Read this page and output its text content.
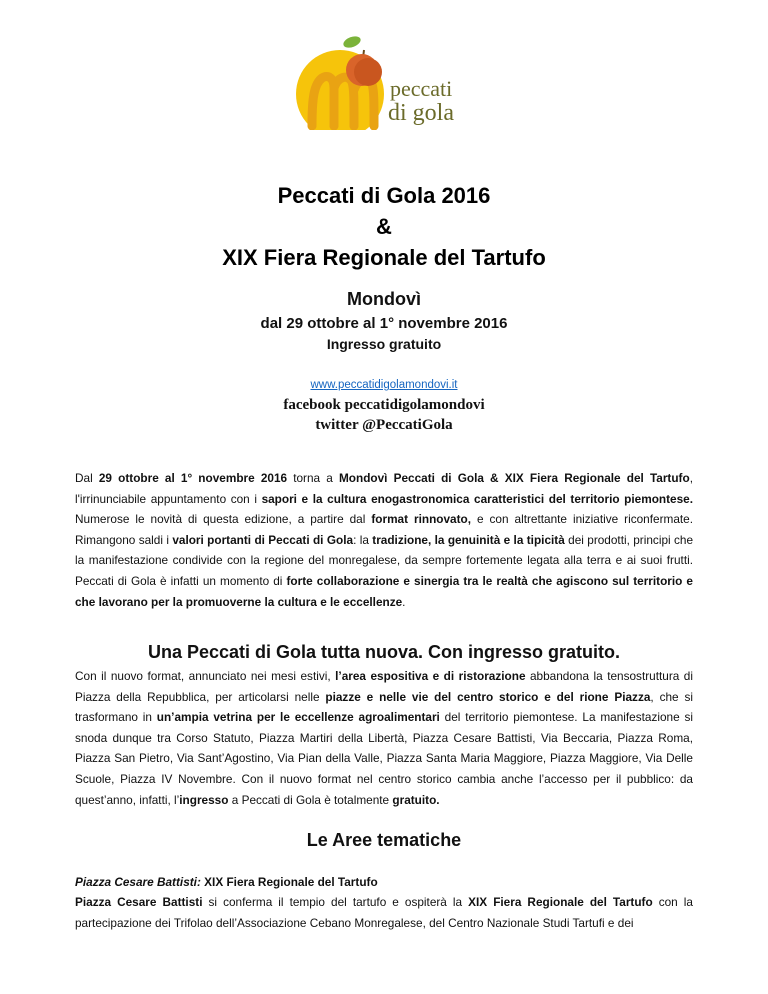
peccati
di gola
Peccati di Gola 2016
&
XIX Fiera Regionale del Tartufo
Mondovì
dal 29 ottobre al 1° novembre 2016
Ingresso gratuito
www.peccatidigolamondovi.it
facebook peccatidigolamondovi
twitter @PeccatiGola
Dal 29 ottobre al 1° novembre 2016 torna a Mondovì Peccati di Gola & XIX Fiera Regionale del Tartufo, l'irrinunciabile appuntamento con i sapori e la cultura enogastronomica caratteristici del territorio piemontese. Numerose le novità di questa edizione, a partire dal format rinnovato, e con altrettante iniziative riconfermate. Rimangono saldi i valori portanti di Peccati di Gola: la tradizione, la genuinità e la tipicità dei prodotti, principi che la manifestazione condivide con la regione del monregalese, da sempre fortemente legata alla terra e ai suoi frutti. Peccati di Gola è infatti un momento di forte collaborazione e sinergia tra le realtà che agiscono sul territorio e che lavorano per la promuoverne la cultura e le eccellenze.
Una Peccati di Gola tutta nuova. Con ingresso gratuito.
Con il nuovo format, annunciato nei mesi estivi, l’area espositiva e di ristorazione abbandona la tensostruttura di Piazza della Repubblica, per articolarsi nelle piazze e nelle vie del centro storico e del rione Piazza, che si trasformano in un’ampia vetrina per le eccellenze agroalimentari del territorio piemontese. La manifestazione si snoda dunque tra Corso Statuto, Piazza Martiri della Libertà, Piazza Cesare Battisti, Via Beccaria, Piazza Roma, Piazza San Pietro, Via Sant’Agostino, Via Pian della Valle, Piazza Santa Maria Maggiore, Piazza Maggiore, Via Delle Scuole, Piazza IV Novembre. Con il nuovo format nel centro storico cambia anche l’accesso per il pubblico: da quest’anno, infatti, l’ingresso a Peccati di Gola è totalmente gratuito.
Le Aree tematiche
Piazza Cesare Battisti: XIX Fiera Regionale del Tartufo
Piazza Cesare Battisti si conferma il tempio del tartufo e ospiterà la XIX Fiera Regionale del Tartufo con la partecipazione dei Trifolao dell’Associazione Cebano Monregalese, del Centro Nazionale Studi Tartufi e dei
